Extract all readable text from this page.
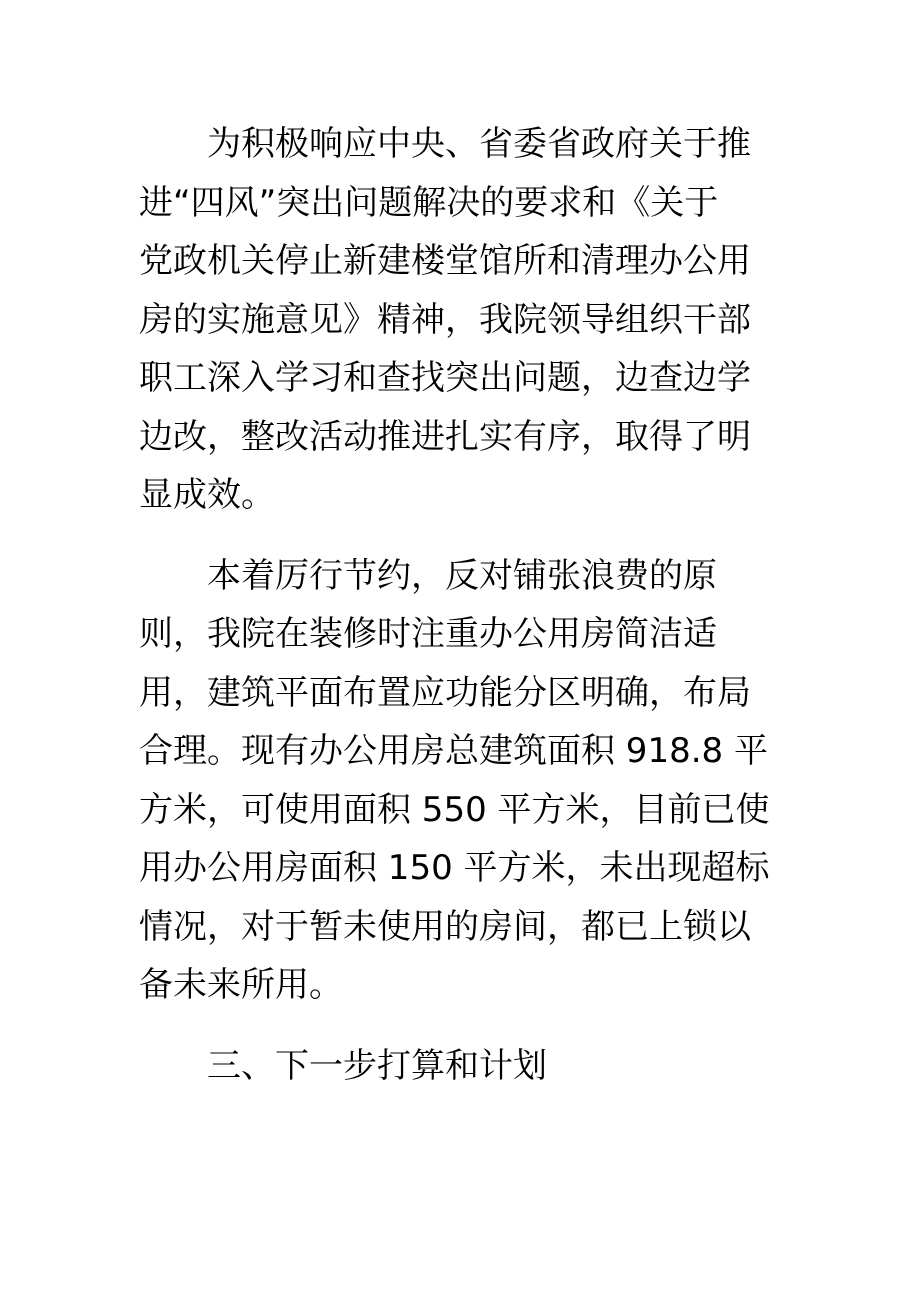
为积极响应中央、省委省政府关于推
进“四风”突出问题解决的要求和《关于
党政机关停止新建楼堂馆所和清理办公用
房的实施意见》精神，我院领导组织干部
职工深入学习和查找突出问题，边查边学
边改，整改活动推进扎实有序，取得了明
显成效。

本着厉行节约，反对铺张浪费的原
则，我院在装修时注重办公用房简洁适
用，建筑平面布置应功能分区明确，布局
合理。现有办公用房总建筑面积 918.8 平
方米，可使用面积 550 平方米，目前已使
用办公用房面积 150 平方米，未出现超标
情况，对于暂未使用的房间，都已上锁以
备未来所用。

三、下一步打算和计划
